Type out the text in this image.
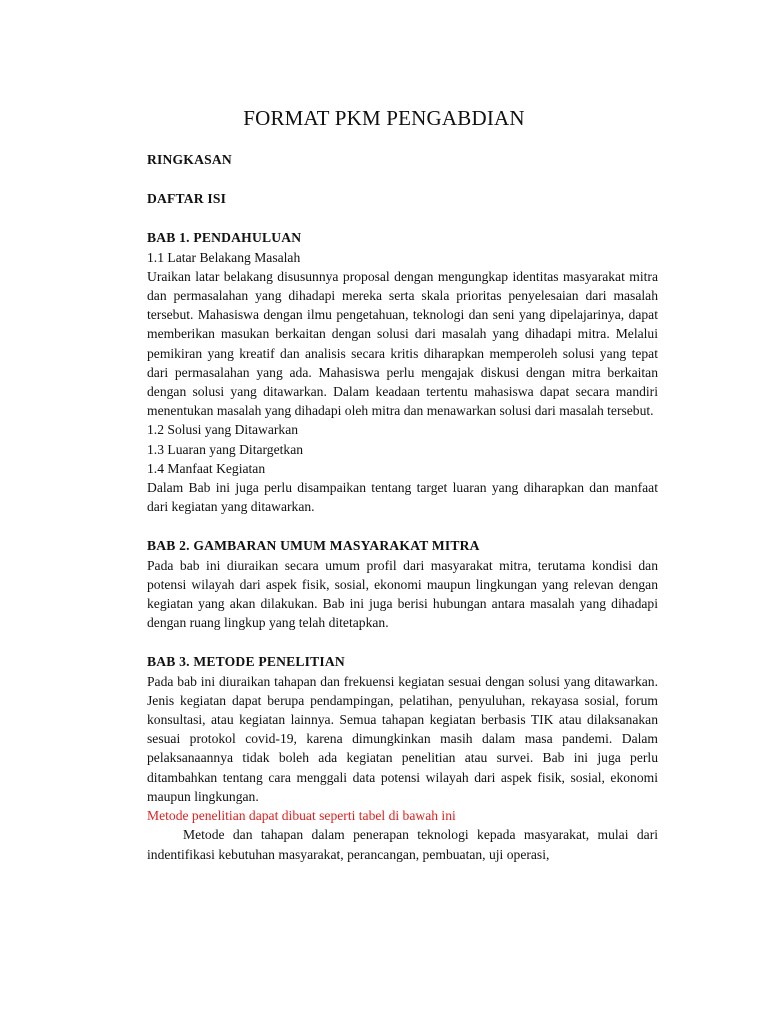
FORMAT PKM PENGABDIAN

RINGKASAN

DAFTAR ISI

BAB 1. PENDAHULUAN

1.1 Latar Belakang Masalah

Uraikan latar belakang disusunnya proposal dengan mengungkap identitas masyarakat mitra dan permasalahan yang dihadapi mereka serta skala prioritas penyelesaian dari masalah tersebut. Mahasiswa dengan ilmu pengetahuan, teknologi dan seni yang dipelajarinya, dapat memberikan masukan berkaitan dengan solusi dari masalah yang dihadapi mitra. Melalui pemikiran yang kreatif dan analisis secara kritis diharapkan memperoleh solusi yang tepat dari permasalahan yang ada. Mahasiswa perlu mengajak diskusi dengan mitra berkaitan dengan solusi yang ditawarkan. Dalam keadaan tertentu mahasiswa dapat secara mandiri menentukan masalah yang dihadapi oleh mitra dan menawarkan solusi dari masalah tersebut.

1.2 Solusi yang Ditawarkan

1.3 Luaran yang Ditargetkan

1.4 Manfaat Kegiatan

Dalam Bab ini juga perlu disampaikan tentang target luaran yang diharapkan dan manfaat dari kegiatan yang ditawarkan.

BAB 2. GAMBARAN UMUM MASYARAKAT MITRA

Pada bab ini diuraikan secara umum profil dari masyarakat mitra, terutama kondisi dan potensi wilayah dari aspek fisik, sosial, ekonomi maupun lingkungan yang relevan dengan kegiatan yang akan dilakukan. Bab ini juga berisi hubungan antara masalah yang dihadapi dengan ruang lingkup yang telah ditetapkan.

BAB 3. METODE PENELITIAN

Pada bab ini diuraikan tahapan dan frekuensi kegiatan sesuai dengan solusi yang ditawarkan. Jenis kegiatan dapat berupa pendampingan, pelatihan, penyuluhan, rekayasa sosial, forum konsultasi, atau kegiatan lainnya. Semua tahapan kegiatan berbasis TIK atau dilaksanakan sesuai protokol covid-19, karena dimungkinkan masih dalam masa pandemi. Dalam pelaksanaannya tidak boleh ada kegiatan penelitian atau survei. Bab ini juga perlu ditambahkan tentang cara menggali data potensi wilayah dari aspek fisik, sosial, ekonomi maupun lingkungan.

Metode penelitian dapat dibuat seperti tabel di bawah ini

Metode dan tahapan dalam penerapan teknologi kepada masyarakat, mulai dari indentifikasi kebutuhan masyarakat, perancangan, pembuatan, uji operasi,
